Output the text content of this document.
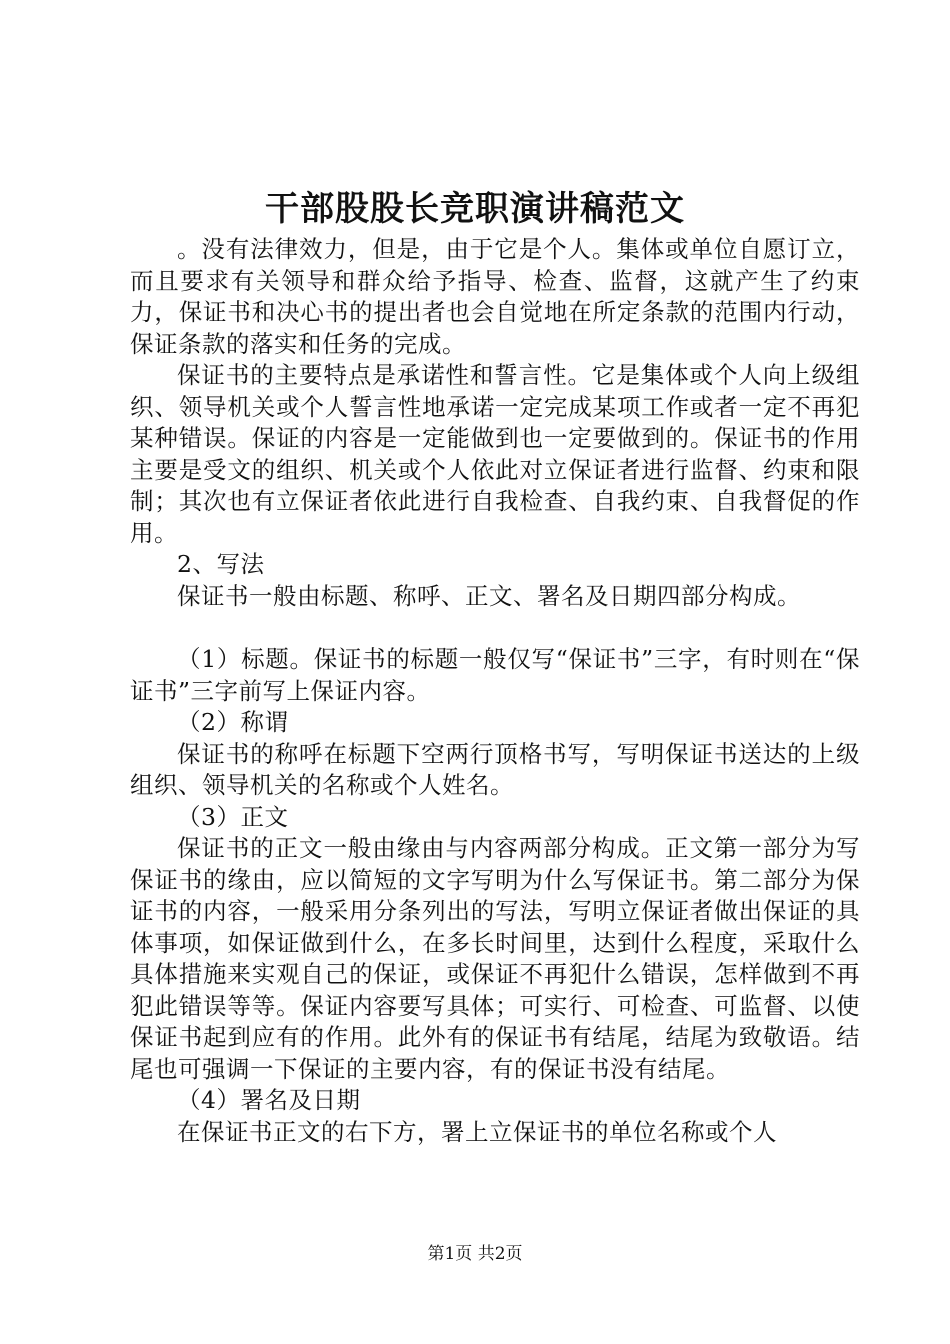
干部股股长竞职演讲稿范文

。没有法律效力，但是，由于它是个人。集体或单位自愿订立，而且要求有关领导和群众给予指导、检查、监督，这就产生了约束力，保证书和决心书的提出者也会自觉地在所定条款的范围内行动，保证条款的落实和任务的完成。

保证书的主要特点是承诺性和誓言性。它是集体或个人向上级组织、领导机关或个人誓言性地承诺一定完成某项工作或者一定不再犯某种错误。保证的内容是一定能做到也一定要做到的。保证书的作用主要是受文的组织、机关或个人依此对立保证者进行监督、约束和限制；其次也有立保证者依此进行自我检查、自我约束、自我督促的作用。

2、写法

保证书一般由标题、称呼、正文、署名及日期四部分构成。

（1）标题。保证书的标题一般仅写“保证书”三字，有时则在“保证书”三字前写上保证内容。

（2）称谓

保证书的称呼在标题下空两行顶格书写，写明保证书送达的上级组织、领导机关的名称或个人姓名。

（3）正文

保证书的正文一般由缘由与内容两部分构成。正文第一部分为写保证书的缘由，应以简短的文字写明为什么写保证书。第二部分为保证书的内容，一般采用分条列出的写法，写明立保证者做出保证的具体事项，如保证做到什么，在多长时间里，达到什么程度，采取什么具体措施来实观自己的保证，或保证不再犯什么错误，怎样做到不再犯此错误等等。保证内容要写具体；可实行、可检查、可监督、以使保证书起到应有的作用。此外有的保证书有结尾，结尾为致敬语。结尾也可强调一下保证的主要内容，有的保证书没有结尾。

（4）署名及日期

在保证书正文的右下方，署上立保证书的单位名称或个人

第1页 共2页
